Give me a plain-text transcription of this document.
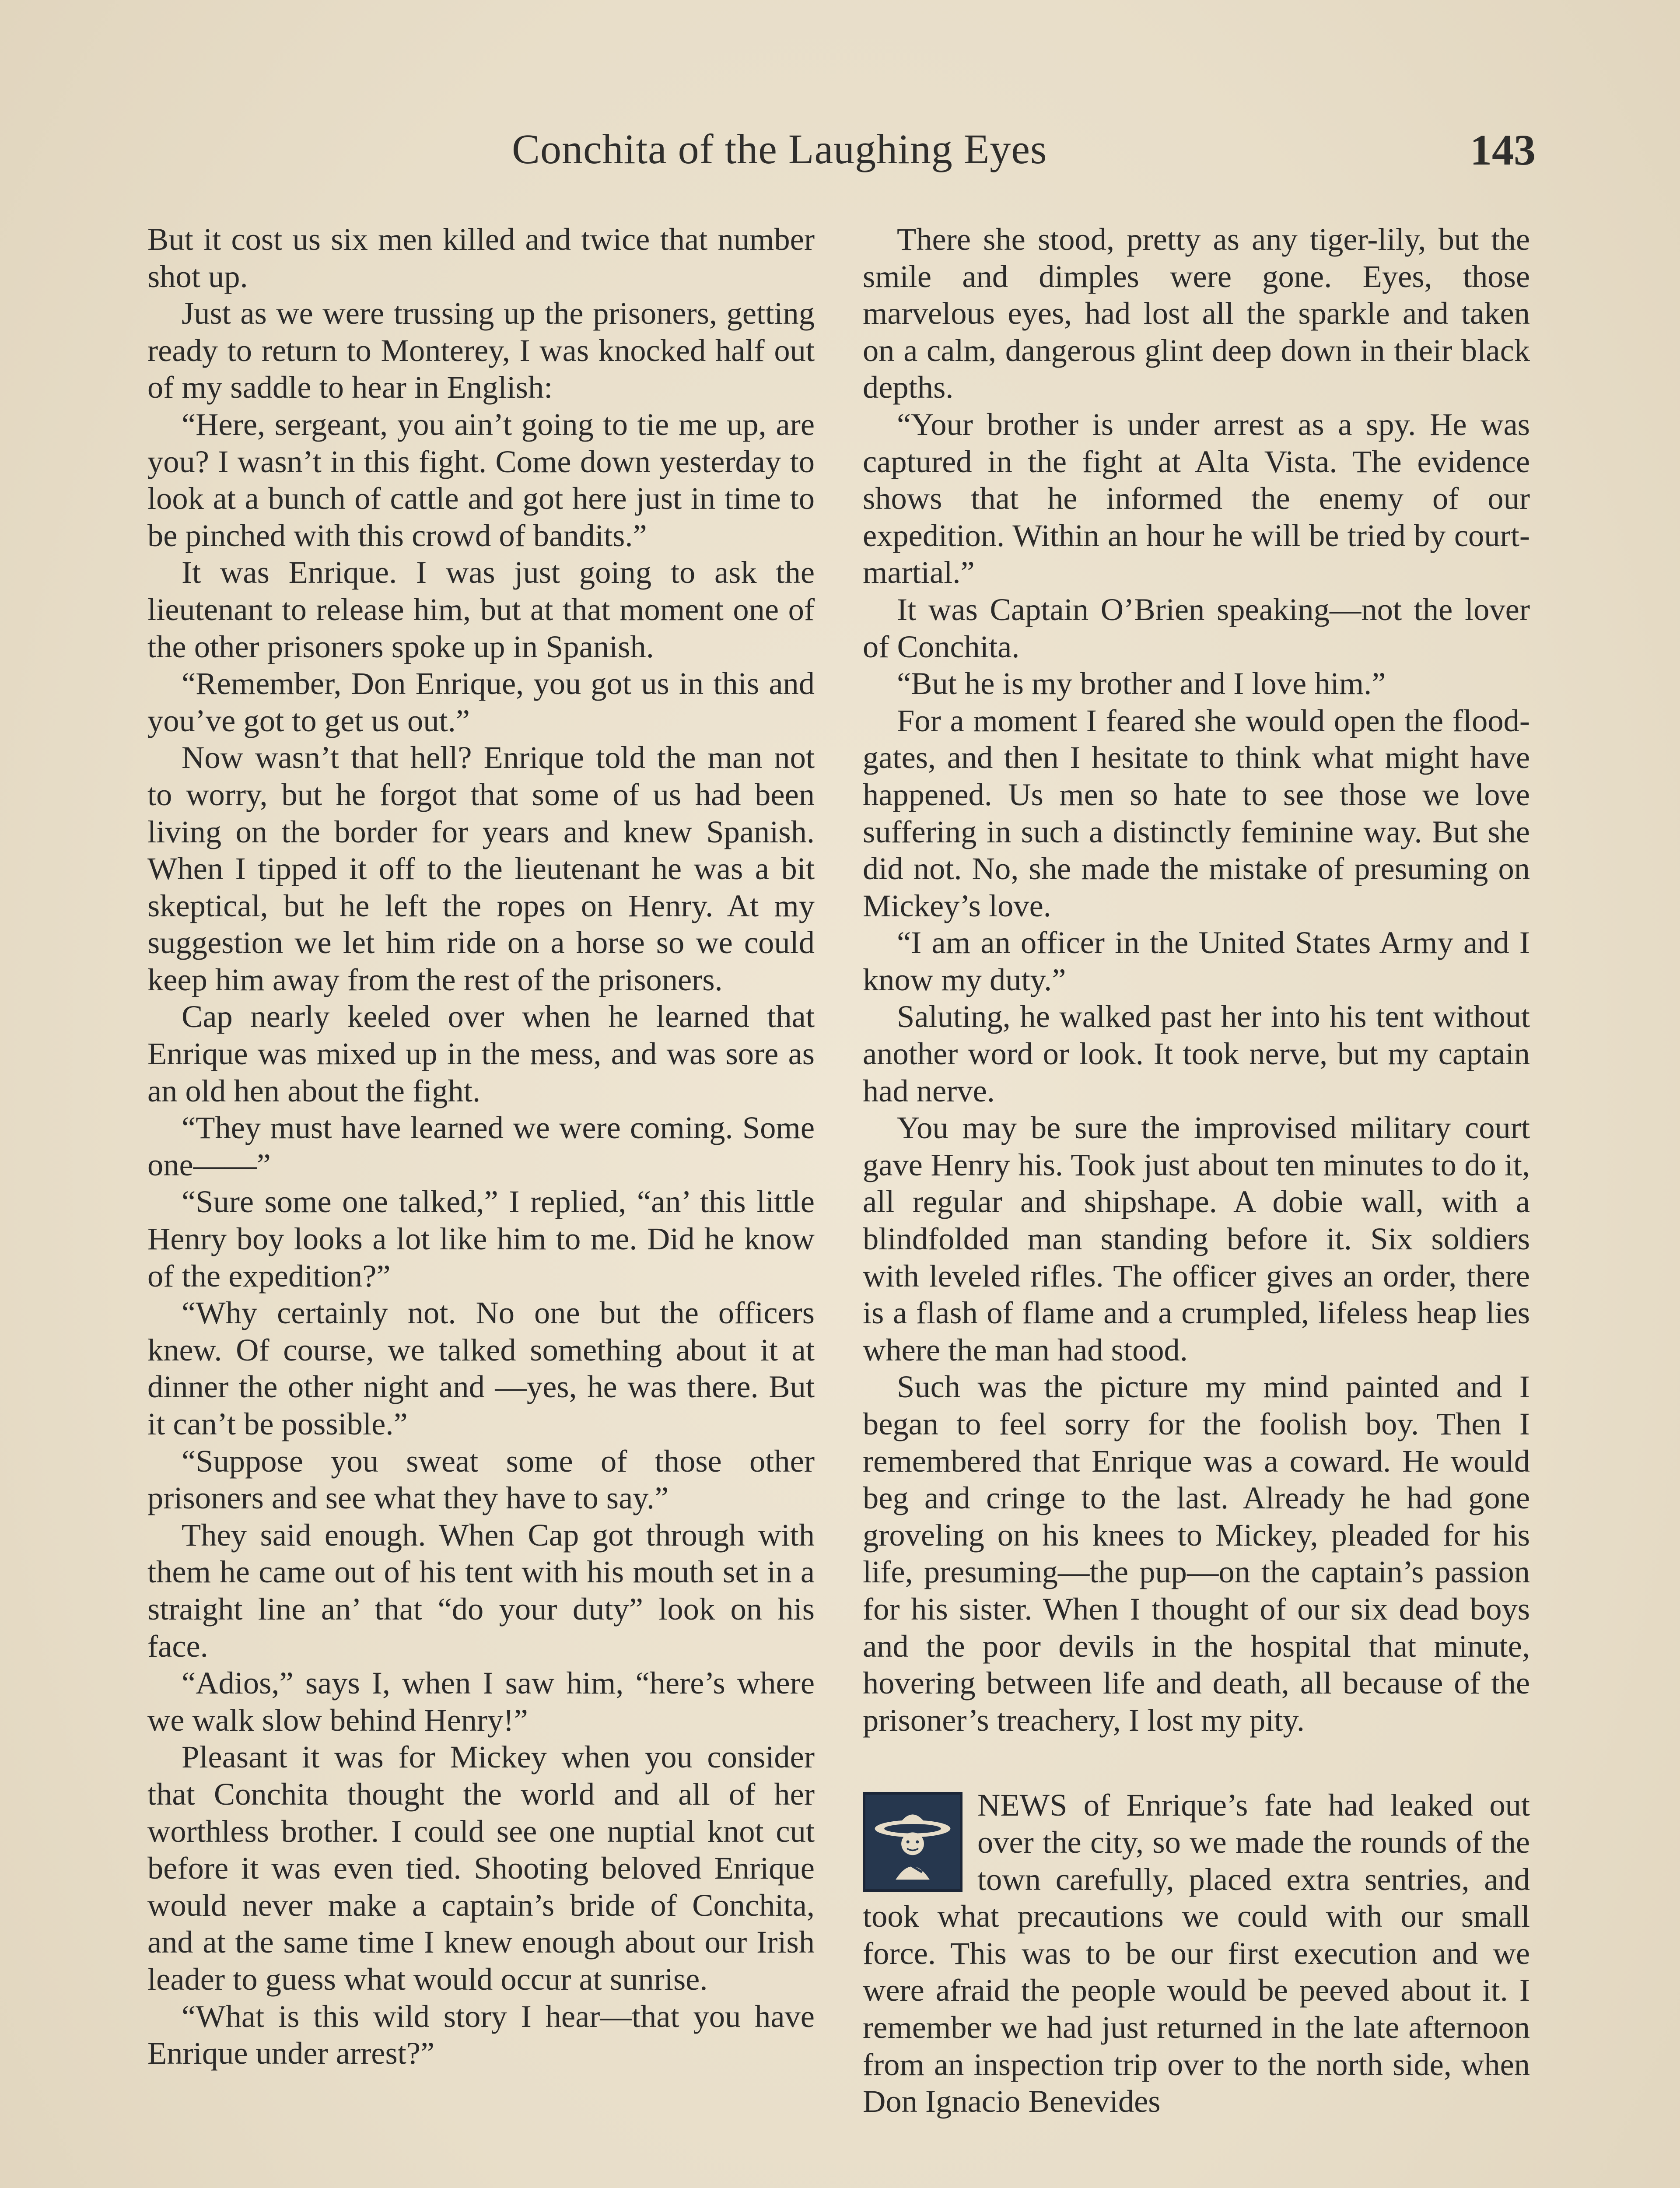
Conchita of the Laughing Eyes	143

But it cost us six men killed and twice that number shot up.

Just as we were trussing up the prisoners, getting ready to return to Monterey, I was knocked half out of my saddle to hear in English:

“Here, sergeant, you ain’t going to tie me up, are you? I wasn’t in this fight. Come down yesterday to look at a bunch of cattle and got here just in time to be pinched with this crowd of bandits.”

It was Enrique. I was just going to ask the lieutenant to release him, but at that moment one of the other prisoners spoke up in Spanish.

“Remember, Don Enrique, you got us in this and you’ve got to get us out.”

Now wasn’t that hell? Enrique told the man not to worry, but he forgot that some of us had been living on the border for years and knew Spanish. When I tipped it off to the lieutenant he was a bit skeptical, but he left the ropes on Henry. At my suggestion we let him ride on a horse so we could keep him away from the rest of the prisoners.

Cap nearly keeled over when he learned that Enrique was mixed up in the mess, and was sore as an old hen about the fight.

“They must have learned we were coming. Some one——”

“Sure some one talked,” I replied, “an’ this little Henry boy looks a lot like him to me. Did he know of the expedition?”

“Why certainly not. No one but the officers knew. Of course, we talked something about it at dinner the other night and —yes, he was there. But it can’t be possible.”

“Suppose you sweat some of those other prisoners and see what they have to say.”

They said enough. When Cap got through with them he came out of his tent with his mouth set in a straight line an’ that “do your duty” look on his face.

“Adios,” says I, when I saw him, “here’s where we walk slow behind Henry!”

Pleasant it was for Mickey when you consider that Conchita thought the world and all of her worthless brother. I could see one nuptial knot cut before it was even tied. Shooting beloved Enrique would never make a captain’s bride of Conchita, and at the same time I knew enough about our Irish leader to guess what would occur at sunrise.

“What is this wild story I hear—that you have Enrique under arrest?”

There she stood, pretty as any tiger-lily, but the smile and dimples were gone. Eyes, those marvelous eyes, had lost all the sparkle and taken on a calm, dangerous glint deep down in their black depths.

“Your brother is under arrest as a spy. He was captured in the fight at Alta Vista. The evidence shows that he informed the enemy of our expedition. Within an hour he will be tried by court-martial.”

It was Captain O’Brien speaking—not the lover of Conchita.

“But he is my brother and I love him.”

For a moment I feared she would open the flood-gates, and then I hesitate to think what might have happened. Us men so hate to see those we love suffering in such a distinctly feminine way. But she did not. No, she made the mistake of presuming on Mickey’s love.

“I am an officer in the United States Army and I know my duty.”

Saluting, he walked past her into his tent without another word or look. It took nerve, but my captain had nerve.

You may be sure the improvised military court gave Henry his. Took just about ten minutes to do it, all regular and shipshape. A dobie wall, with a blindfolded man standing before it. Six soldiers with leveled rifles. The officer gives an order, there is a flash of flame and a crumpled, lifeless heap lies where the man had stood.

Such was the picture my mind painted and I began to feel sorry for the foolish boy. Then I remembered that Enrique was a coward. He would beg and cringe to the last. Already he had gone groveling on his knees to Mickey, pleaded for his life, presuming—the pup—on the captain’s passion for his sister. When I thought of our six dead boys and the poor devils in the hospital that minute, hovering between life and death, all because of the prisoner’s treachery, I lost my pity.

NEWS of Enrique’s fate had leaked out over the city, so we made the rounds of the town carefully, placed extra sentries, and took what precautions we could with our small force. This was to be our first execution and we were afraid the people would be peeved about it. I remember we had just returned in the late afternoon from an inspection trip over to the north side, when Don Ignacio Benevides
